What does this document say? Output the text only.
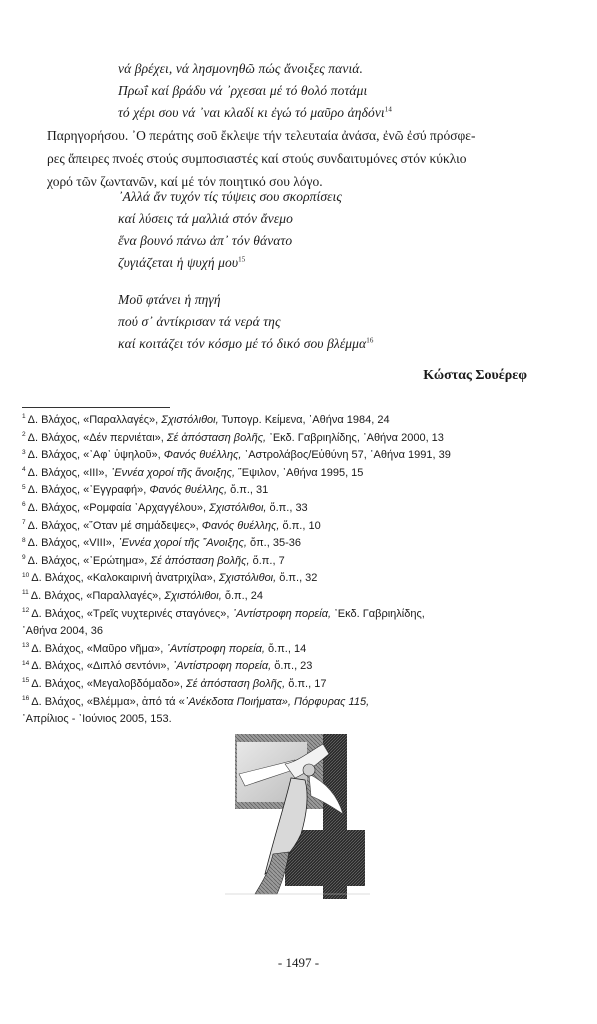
νά βρέχει, νά λησμονηθῶ πώς ἄνοιξες πανιά.
Πρωΐ καί βράδυ νά ᾽ρχεσαι μέ τό θολό ποτάμι
τό χέρι σου νά ᾽ναι κλαδί κι ἐγώ τό μαῦρο ἀηδόνι$^{14}$
Παρηγορήσου. ᾽Ο περάτης σοῦ ἔκλεψε τήν τελευταία ἀνάσα, ἐνῶ ἐσύ πρόσφε-
ρες ἄπειρες πνοές στούς συμποσιαστές καί στούς συνδαιτυμόνες στόν κύκλιο
χορό τῶν ζωντανῶν, καί μέ τόν ποιητικό σου λόγο.
᾽Αλλά ἄν τυχόν τίς τύψεις σου σκορπίσεις
καί λύσεις τά μαλλιά στόν ἄνεμο
ἕνα βουνό πάνω ἀπ᾽ τόν θάνατο
ζυγιάζεται ἡ ψυχή μου$^{15}$
Μοῦ φτάνει ἡ πηγή
πού σ᾽ ἀντίκρισαν τά νερά της
καί κοιτάζει τόν κόσμο μέ τό δικό σου βλέμμα$^{16}$
Κώστας Σουέρεφ
$^1$ Δ. Βλάχος, «Παραλλαγές», Σχιστόλιθοι, Τυπογρ. Κείμενα, ᾽Αθήνα 1984, 24
$^2$ Δ. Βλάχος, «Δέν περνιέται», Σέ ἀπόσταση βολῆς, ᾽Εκδ. Γαβριηλίδης, ᾽Αθήνα 2000, 13
$^3$ Δ. Βλάχος, «᾽Αφ᾽ ὑψηλοῦ», Φανός θυέλλης, ᾽Αστρολάβος/Εὐθύνη 57, ᾽Αθήνα 1991, 39
$^4$ Δ. Βλάχος, «ΙΙΙ», ᾽Εννέα χοροί τῆς ἄνοιξης, ῞Εψιλον, ᾽Αθήνα 1995, 15
$^5$ Δ. Βλάχος, «᾽Εγγραφή», Φανός θυέλλης, ὅ.π., 31
$^6$ Δ. Βλάχος, «Ρομφαία ᾽Αρχαγγέλου», Σχιστόλιθοι, ὅ.π., 33
$^7$ Δ. Βλάχος, «῞Οταν μέ σημάδεψες», Φανός θυέλλης, ὅ.π., 10
$^8$ Δ. Βλάχος, «VIII», ᾽Εννέα χοροί τῆς ῎Ανοιξης, ὅπ., 35-36
$^9$ Δ. Βλάχος, «᾽Ερώτημα», Σέ ἀπόσταση βολῆς, ὅ.π., 7
$^{10}$ Δ. Βλάχος, «Καλοκαιρινή ἀνατριχίλα», Σχιστόλιθοι, ὅ.π., 32
$^{11}$ Δ. Βλάχος, «Παραλλαγές», Σχιστόλιθοι, ὅ.π., 24
$^{12}$ Δ. Βλάχος, «Τρεῖς νυχτερινές σταγόνες», ᾽Αντίστροφη πορεία, ᾽Εκδ. Γαβριηλίδης,
᾽Αθήνα 2004, 36
$^{13}$ Δ. Βλάχος, «Μαῦρο νῆμα», ᾽Αντίστροφη πορεία, ὅ.π., 14
$^{14}$ Δ. Βλάχος, «Διπλό σεντόνι», ᾽Αντίστροφη πορεία, ὅ.π., 23
$^{15}$ Δ. Βλάχος, «Μεγαλοβδόμαδο», Σέ ἀπόσταση βολῆς, ὅ.π., 17
$^{16}$ Δ. Βλάχος, «Βλέμμα», ἀπό τά «᾽Ανέκδοτα Ποιήματα», Πόρφυρας 115,
᾽Απρίλιος - ᾽Ιούνιος 2005, 153.
- 1497 -
